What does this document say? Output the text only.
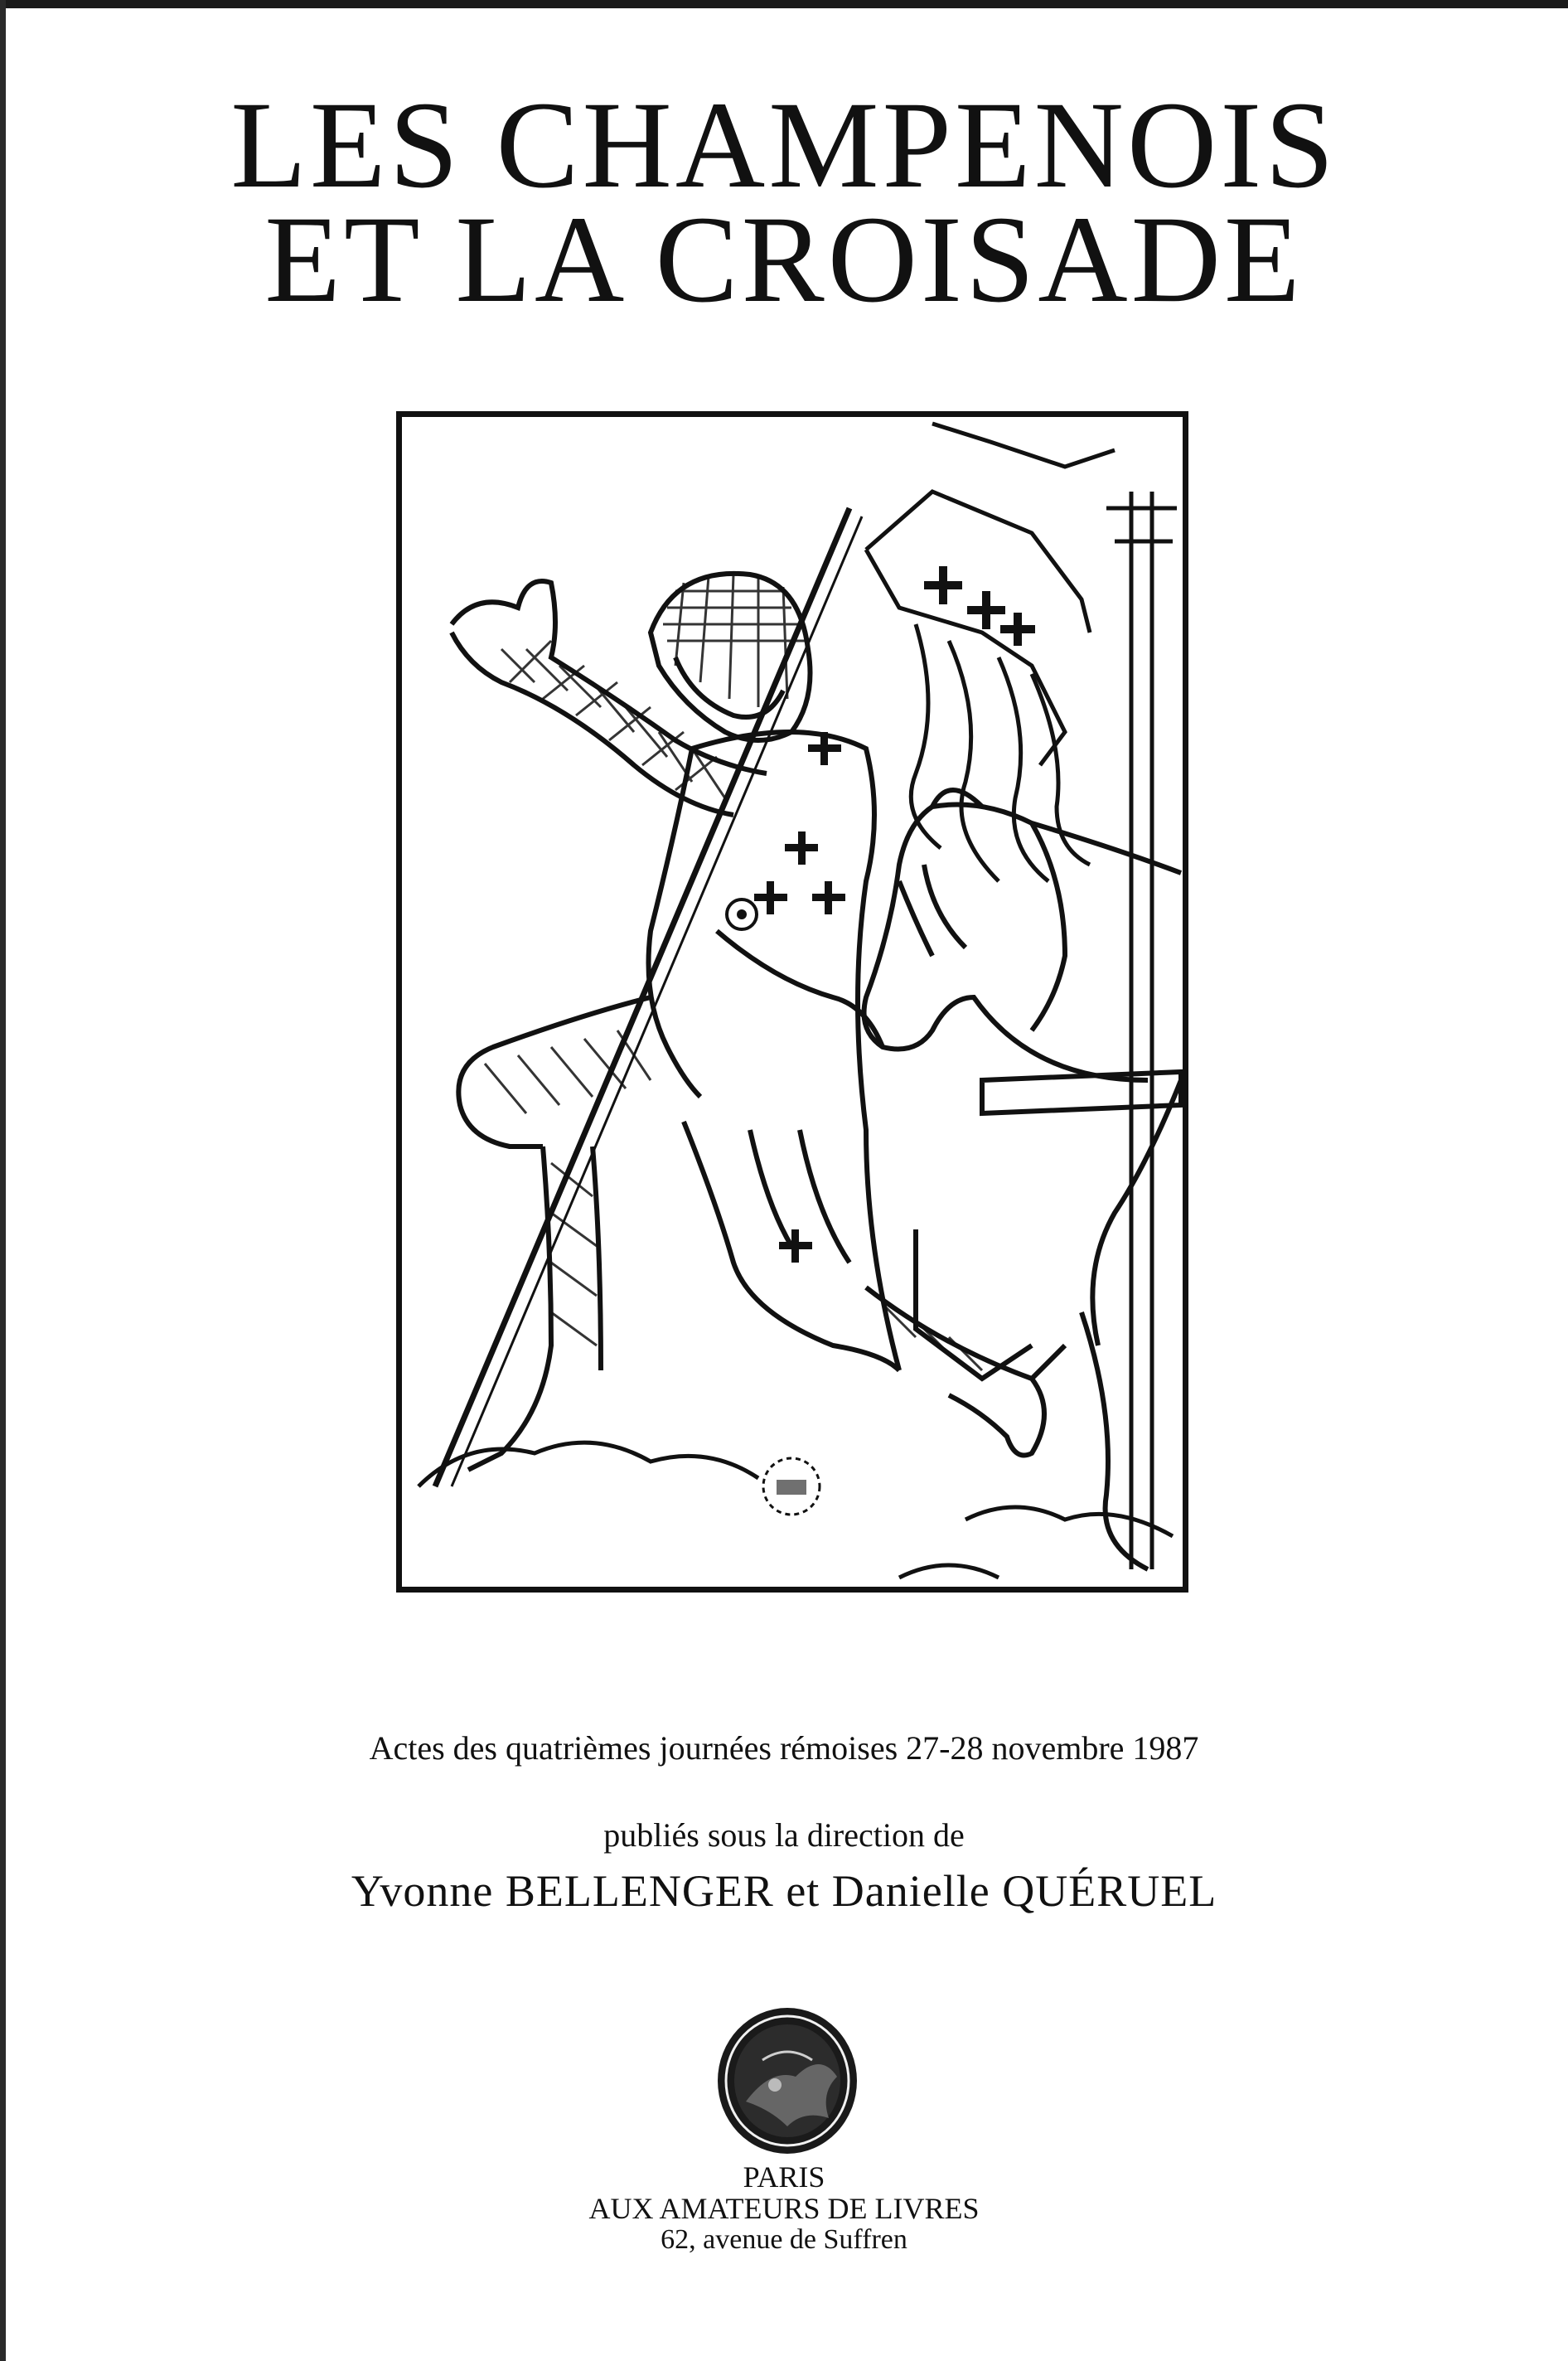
LES CHAMPENOIS
ET LA CROISADE

Actes des quatrièmes journées rémoises 27-28 novembre 1987

publiés sous la direction de

Yvonne BELLENGER et Danielle QUÉRUEL

PARIS

AUX AMATEURS DE LIVRES

62, avenue de Suffren
